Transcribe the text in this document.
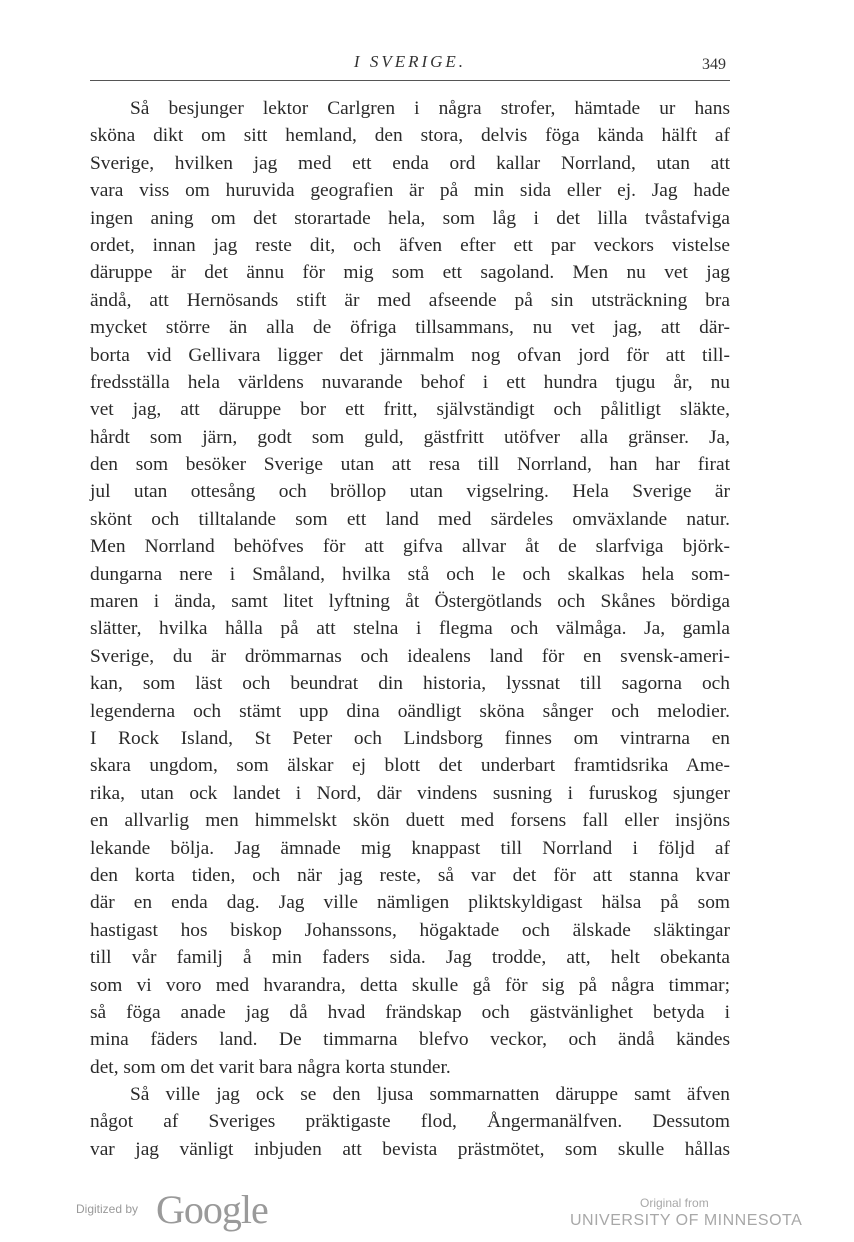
I SVERIGE.	349
Så besjunger lektor Carlgren i några strofer, hämtade ur hans
sköna dikt om sitt hemland, den stora, delvis föga kända hälft af
Sverige, hvilken jag med ett enda ord kallar Norrland, utan att
vara viss om huruvida geografien är på min sida eller ej. Jag hade
ingen aning om det storartade hela, som låg i det lilla tvåstafviga
ordet, innan jag reste dit, och äfven efter ett par veckors vistelse
däruppe är det ännu för mig som ett sagoland. Men nu vet jag
ändå, att Hernösands stift är med afseende på sin utsträckning bra
mycket större än alla de öfriga tillsammans, nu vet jag, att där-
borta vid Gellivara ligger det järnmalm nog ofvan jord för att till-
fredsställa hela världens nuvarande behof i ett hundra tjugu år, nu
vet jag, att däruppe bor ett fritt, självständigt och pålitligt släkte,
hårdt som järn, godt som guld, gästfritt utöfver alla gränser. Ja,
den som besöker Sverige utan att resa till Norrland, han har firat
jul utan ottesång och bröllop utan vigselring. Hela Sverige är
skönt och tilltalande som ett land med särdeles omväxlande natur.
Men Norrland behöfves för att gifva allvar åt de slarfviga björk-
dungarna nere i Småland, hvilka stå och le och skalkas hela som-
maren i ända, samt litet lyftning åt Östergötlands och Skånes bördiga
slätter, hvilka hålla på att stelna i flegma och välmåga. Ja, gamla
Sverige, du är drömmarnas och idealens land för en svensk-ameri-
kan, som läst och beundrat din historia, lyssnat till sagorna och
legenderna och stämt upp dina oändligt sköna sånger och melodier.
I Rock Island, St Peter och Lindsborg finnes om vintrarna en
skara ungdom, som älskar ej blott det underbart framtidsrika Ame-
rika, utan ock landet i Nord, där vindens susning i furuskog sjunger
en allvarlig men himmelskt skön duett med forsens fall eller insjöns
lekande bölja. Jag ämnade mig knappast till Norrland i följd af
den korta tiden, och när jag reste, så var det för att stanna kvar
där en enda dag. Jag ville nämligen pliktskyldigast hälsa på som
hastigast hos biskop Johanssons, högaktade och älskade släktingar
till vår familj å min faders sida. Jag trodde, att, helt obekanta
som vi voro med hvarandra, detta skulle gå för sig på några timmar;
så föga anade jag då hvad frändskap och gästvänlighet betyda i
mina fäders land. De timmarna blefvo veckor, och ändå kändes
det, som om det varit bara några korta stunder.
Så ville jag ock se den ljusa sommarnatten däruppe samt äfven
något af Sveriges präktigaste flod, Ångermanälfven. Dessutom
var jag vänligt inbjuden att bevista prästmötet, som skulle hållas
Digitized by Google	Original from
UNIVERSITY OF MINNESOTA
